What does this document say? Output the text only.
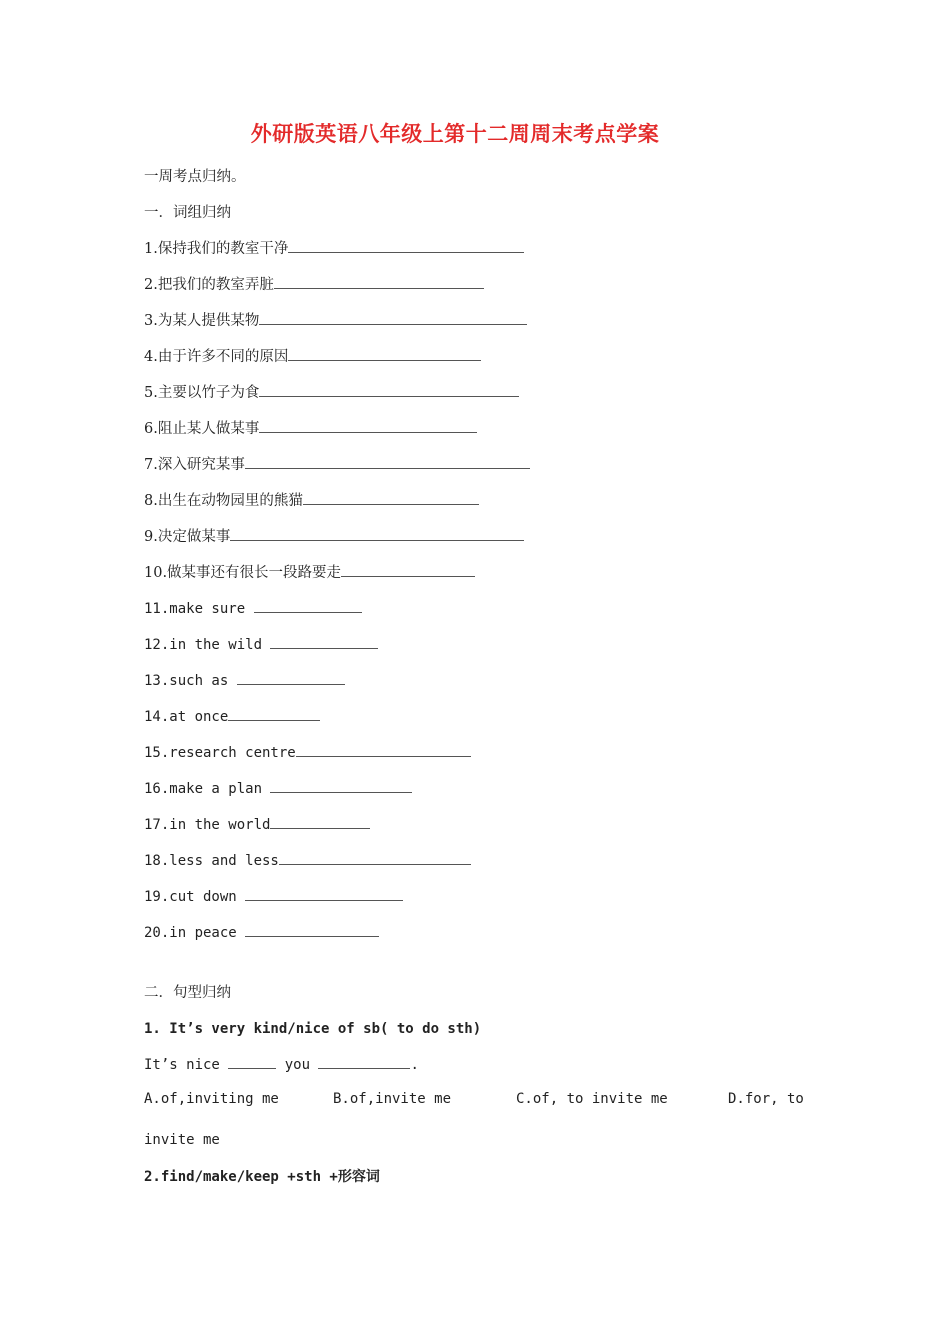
外研版英语八年级上第十二周周末考点学案
一周考点归纳。
一．词组归纳
1.保持我们的教室干净
2.把我们的教室弄脏
3.为某人提供某物
4.由于许多不同的原因
5.主要以竹子为食
6.阻止某人做某事
7.深入研究某事
8.出生在动物园里的熊猫
9.决定做某事
10.做某事还有很长一段路要走
11.make sure
12.in the wild
13.such as
14.at once
15.research centre
16.make a plan
17.in the world
18.less and less
19.cut down
20.in peace
二．句型归纳
1. It’s very kind/nice of sb( to do sth)
It’s nice	you	.
A.of,inviting me	B.of,invite me	C.of, to invite me	D.for, to
invite me
2.find/make/keep +sth +形容词
